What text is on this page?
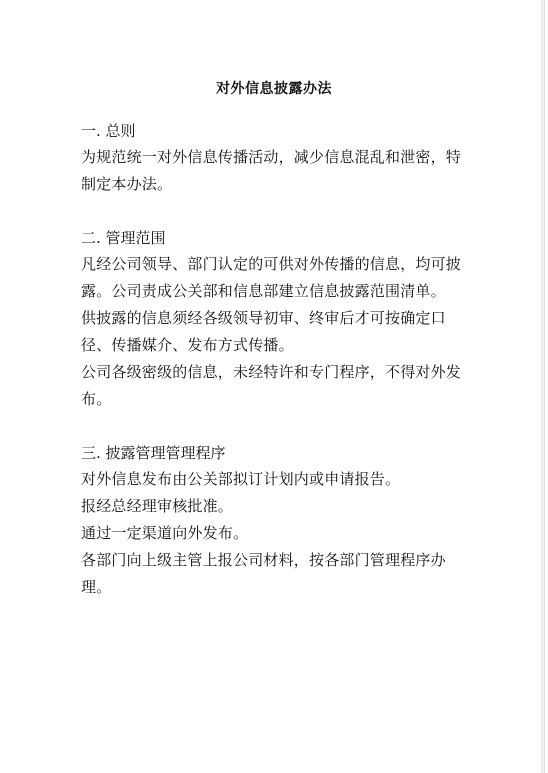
对外信息披露办法

一. 总则

为规范统一对外信息传播活动，减少信息混乱和泄密，特制定本办法。

二. 管理范围

凡经公司领导、部门认定的可供对外传播的信息，均可披露。公司责成公关部和信息部建立信息披露范围清单。

供披露的信息须经各级领导初审、终审后才可按确定口径、传播媒介、发布方式传播。

公司各级密级的信息，未经特许和专门程序，不得对外发布。

三. 披露管理管理程序

对外信息发布由公关部拟订计划内或申请报告。

报经总经理审核批准。

通过一定渠道向外发布。

各部门向上级主管上报公司材料，按各部门管理程序办理。
